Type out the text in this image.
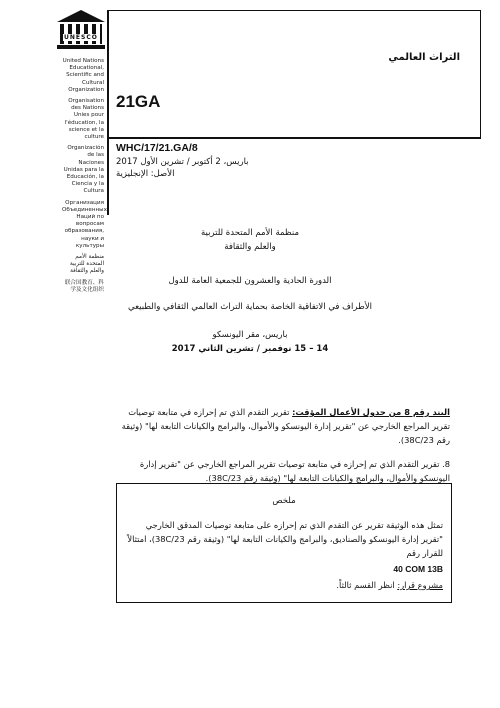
UNESCO
United Nations Educational, Scientific and Cultural Organization
Organisation des Nations Unies pour l'éducation, la science et la culture
Organización de las Naciones Unidas para la Educación, la Ciencia y la Cultura
Организация Объединенных Наций по вопросам образования, науки и культуры
منظمة الأمم المتحدة للتربية والعلم والثقافة
联合国教育、科学及文化组织
التراث العالمي
21GA
WHC/17/21.GA/8
باريس، 2 أكتوبر / تشرين الأول 2017
الأصل: الإنجليزية
منظمة الأمم المتحدة للتربية
والعلم والثقافة
الدورة الحادية والعشرون للجمعية العامة للدول
الأطراف في الاتفاقية الخاصة بحماية التراث العالمي الثقافي والطبيعي
باريس، مقر اليونسكو
14 – 15 نوفمبر / تشرين الثاني 2017

البند رقم 8 من جدول الأعمال المؤقت: تقرير التقدم الذي تم إحرازه في متابعة توصيات تقرير المراجع الخارجي عن "تقرير إدارة اليونسكو والأموال، والبرامج والكيانات التابعة لها" (وثيقة رقم 38C/23).

8. تقرير التقدم الذي تم إحرازه في متابعة توصيات تقرير المراجع الخارجي عن "تقرير إدارة اليونسكو والأموال، والبرامج والكيانات التابعة لها" (وثيقة رقم 38C/23).

ملخص
تمثل هذه الوثيقة تقرير عن التقدم الذي تم إحرازه على متابعة توصيات المدقق الخارجي "تقرير إدارة اليونسكو والصناديق، والبرامج والكيانات التابعة لها" (وثيقة رقم 38C/23)، امتثالاً للقرار رقم
40 COM 13B
مشروع قرار: انظر القسم ثالثاً.
